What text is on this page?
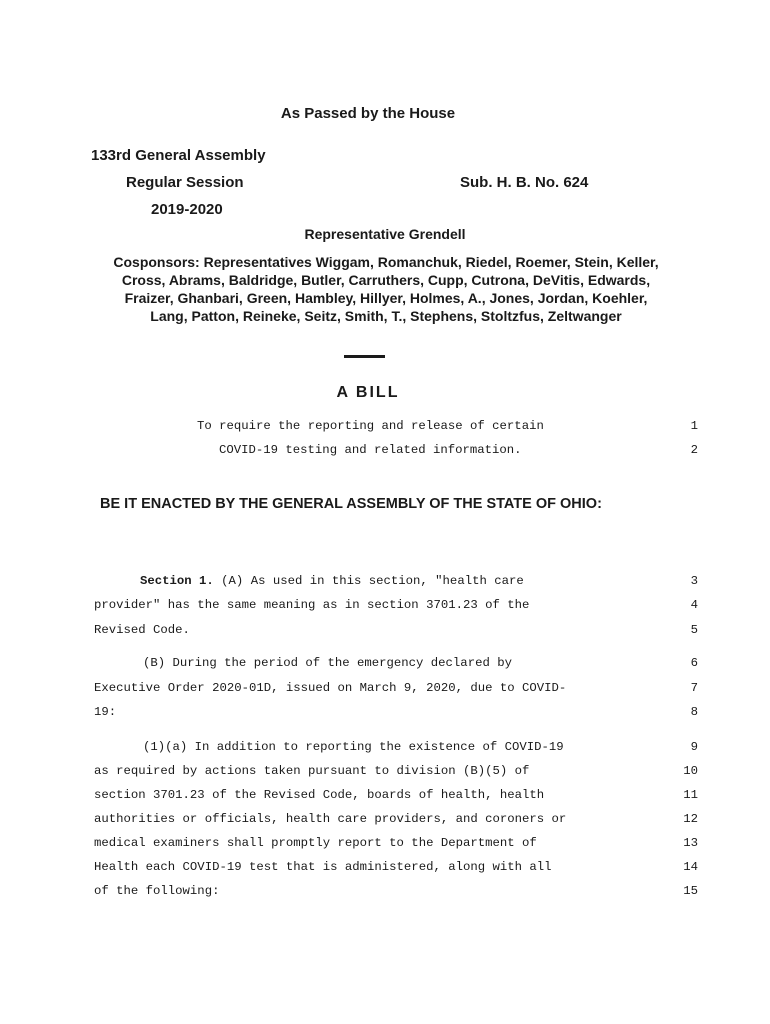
As Passed by the House
133rd General Assembly
Regular Session	Sub. H. B. No. 624
2019-2020
Representative Grendell
Cosponsors: Representatives Wiggam, Romanchuk, Riedel, Roemer, Stein, Keller,
Cross, Abrams, Baldridge, Butler, Carruthers, Cupp, Cutrona, DeVitis, Edwards,
Fraizer, Ghanbari, Green, Hambley, Hillyer, Holmes, A., Jones, Jordan, Koehler,
Lang, Patton, Reineke, Seitz, Smith, T., Stephens, Stoltzfus, Zeltwanger
A BILL
To require the reporting and release of certain	1
COVID-19 testing and related information.	2
BE IT ENACTED BY THE GENERAL ASSEMBLY OF THE STATE OF OHIO:
Section 1. (A) As used in this section, "health care	3
provider" has the same meaning as in section 3701.23 of the	4
Revised Code.	5
(B) During the period of the emergency declared by	6
Executive Order 2020-01D, issued on March 9, 2020, due to COVID-	7
19:	8
(1)(a) In addition to reporting the existence of COVID-19	9
as required by actions taken pursuant to division (B)(5) of	10
section 3701.23 of the Revised Code, boards of health, health	11
authorities or officials, health care providers, and coroners or	12
medical examiners shall promptly report to the Department of	13
Health each COVID-19 test that is administered, along with all	14
of the following:	15
